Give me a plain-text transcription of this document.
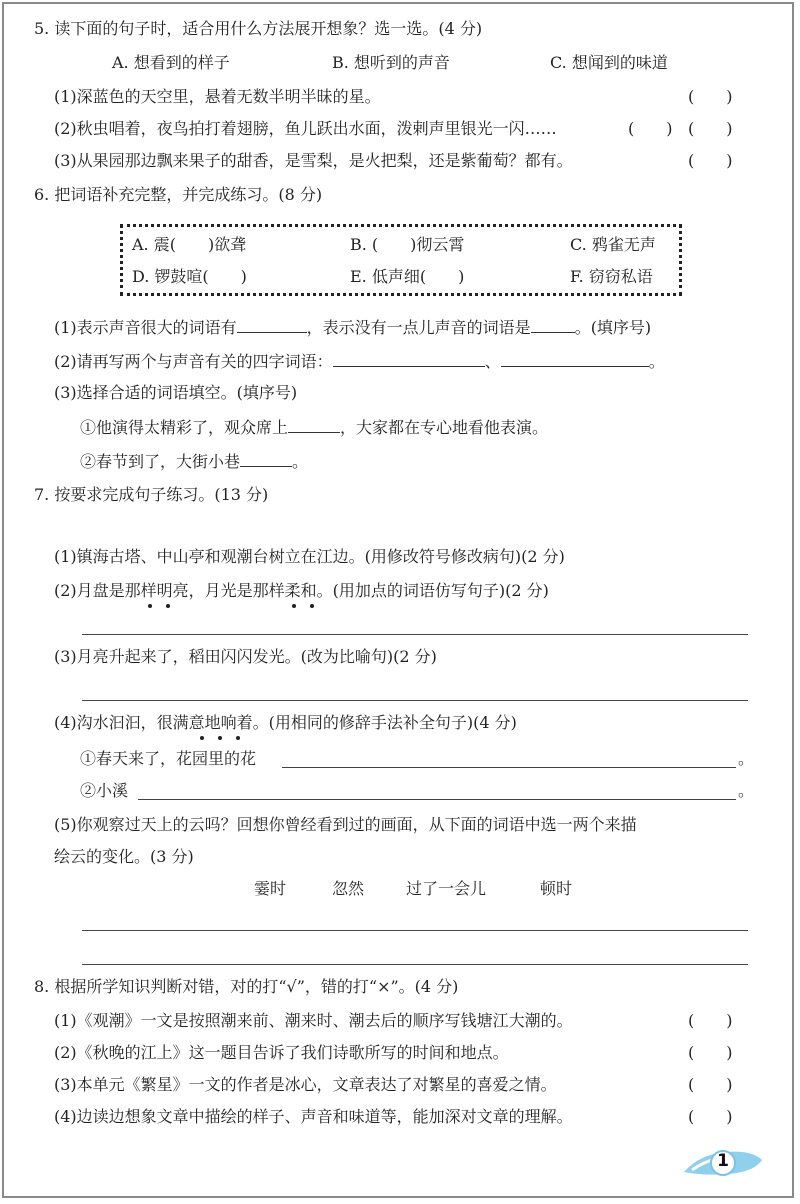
5. 读下面的句子时，适合用什么方法展开想象？选一选。(4 分)
A. 想看到的样子	B. 想听到的声音	C. 想闻到的味道
(1)深蓝色的天空里，悬着无数半明半昧的星。	(　　)
(2)秋虫唱着，夜鸟拍打着翅膀，鱼儿跃出水面，泼剌声里银光一闪……	(　　) (　　)
(3)从果园那边飘来果子的甜香，是雪梨，是火把梨，还是紫葡萄？都有。	(　　)
6. 把词语补充完整，并完成练习。(8 分)
A. 震(　　)欲聋	B. (　　)彻云霄	C. 鸦雀无声
D. 锣鼓喧(　　)	E. 低声细(　　)	F. 窃窃私语
(1)表示声音很大的词语有	，表示没有一点儿声音的词语是	。(填序号)
(2)请再写两个与声音有关的四字词语：	、	。
(3)选择合适的词语填空。(填序号)
①他演得太精彩了，观众席上	，大家都在专心地看他表演。
②春节到了，大街小巷	。
7. 按要求完成句子练习。(13 分)
(1)镇海古塔、中山亭和观潮台树立在江边。(用修改符号修改病句)(2 分)
(2)月盘是那样明亮，月光是那样柔和。(用加点的词语仿写句子)(2 分)
(3)月亮升起来了，稻田闪闪发光。(改为比喻句)(2 分)
(4)沟水汩汩，很满意地响着。(用相同的修辞手法补全句子)(4 分)
①春天来了，花园里的花	。
②小溪	。
(5)你观察过天上的云吗？回想你曾经看到过的画面，从下面的词语中选一两个来描
绘云的变化。(3 分)
霎时	忽然	过了一会儿	顿时
8. 根据所学知识判断对错，对的打“√”，错的打“×”。(4 分)
(1)《观潮》一文是按照潮来前、潮来时、潮去后的顺序写钱塘江大潮的。	(　　)
(2)《秋晚的江上》这一题目告诉了我们诗歌所写的时间和地点。	(　　)
(3)本单元《繁星》一文的作者是冰心，文章表达了对繁星的喜爱之情。	(　　)
(4)边读边想象文章中描绘的样子、声音和味道等，能加深对文章的理解。	(　　)
1
